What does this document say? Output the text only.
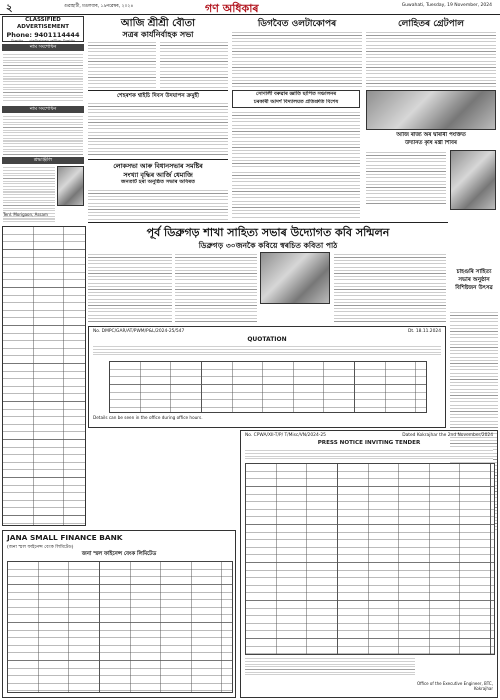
২	গুৱাহাটী, মঙলবাৰ, ১৯নৱেম্বৰ, ২০২৪	গণ অধিকাৰ	Guwahati, Tuesday, 19 November, 2024
CLASSIFIED ADVERTISEMENT
Phone: 9401114444
বিজ্ঞাপন — বাতৰিকাকতৰ শ্ৰেণীবদ্ধ বিজ্ঞাপন
নাম সংশোধন
নাম সংশোধন
শ্ৰদ্ধাঞ্জলি
Tenl. Morigaon, Assam
আজি শ্ৰীশ্ৰী বৌতা
সত্ৰৰ কাৰ্যনিৰ্বাহক সভা
শেহৰশক শ্বাইচি দিবস উদযাপন ক্ৰমুহী
লোকসভা আৰু বিধানসভাৰ সমষ্টিৰ
সংখ্যা বৃদ্ধিৰ আৰ্জি ধেমাজি
জনতাৰ্ট হৰা অনুষ্ঠিত সভাৰ অবিৰত
ডিগবৈত ওলটাকোপৰ	লোহিতৰ গ্ৰেটপাল
সোণালী বৰুৱাৰ জ্ঞাতি ছাপিত সঞ্চালনৰ
চৰকাৰী আদৰ্শ বিদ্যালয়ত প্ৰতিশ্ৰুতি বিশেষ
আজি ৰাজ্য অৰ দ্বাৰাৰী পংক্তিত
উদ্যানত কৃষি মন্ত্ৰী শিবিৰ
পূৰ্ব ডিব্ৰুগড় শাখা সাহিত্য সভাৰ উদ্যোগত কবি সন্মিলন
ডিব্ৰুগড় ৩০জনকৈ কবিয়ে স্বৰচিত কবিতা পাঠ
চাহগুৰি সাহিত্য সভাৰ অনুষ্ঠান বিশিষ্টজন উৎসৱ
No. DMPC/GAR/AT/PWM/P&L/2024-25/547	Dt. 18.11.2024
QUOTATION
Details can be seen in the office during office hours.
JANA SMALL FINANCE BANK
(জনা স্মল ফাইনেন্স বেংক লিমিটেড)
জনা স্মল ফাইনেন্স বেংক লিমিটেড
No. CPWA/XII-T/P/ T/Misc/VN/2024-25	Dated Kokrajhar the 2nd November/2024
PRESS NOTICE INVITING TENDER
Office of the Executive Engineer, BTC, Kokrajhar
